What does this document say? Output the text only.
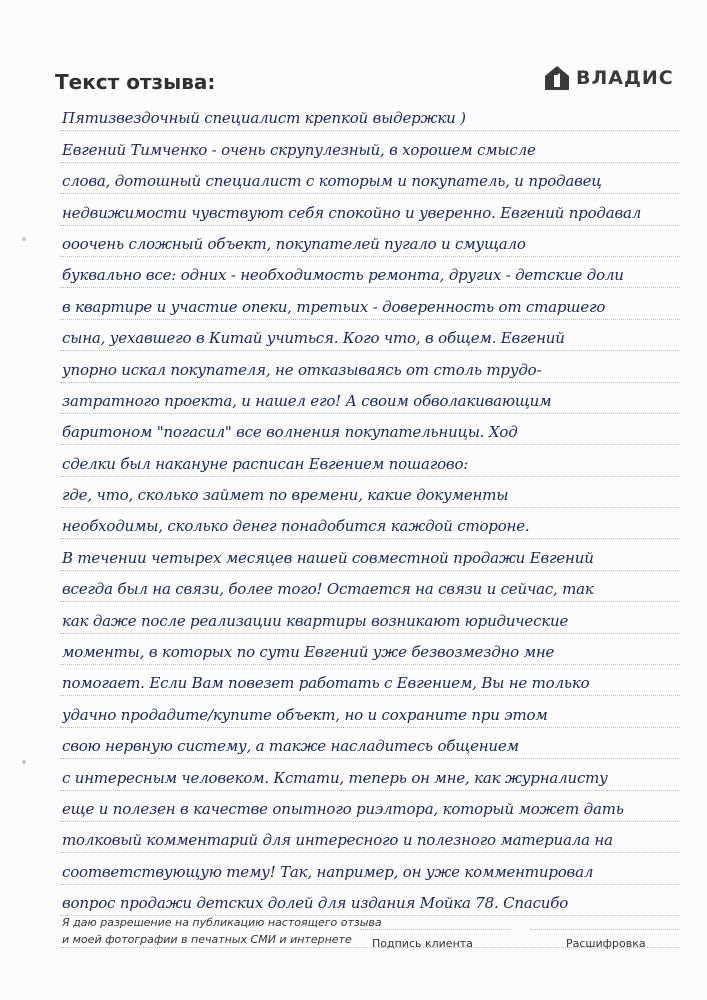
Текст отзыва:	ВЛАДИС
Пятизвездочный специалист крепкой выдержки )
Евгений Тимченко - очень скрупулезный, в хорошем смысле
слова, дотошный специалист с которым и покупатель, и продавец
недвижимости чувствуют себя спокойно и уверенно. Евгений продавал
ооочень сложный объект, покупателей пугало и смущало
буквально все: одних - необходимость ремонта, других - детские доли
в квартире и участие опеки, третьих - доверенность от старшего
сына, уехавшего в Китай учиться. Кого что, в общем. Евгений
упорно искал покупателя, не отказываясь от столь трудо-
затратного проекта, и нашел его! А своим обволакивающим
баритоном "погасил" все волнения покупательницы. Ход
сделки был накануне расписан Евгением пошагово:
где, что, сколько займет по времени, какие документы
необходимы, сколько денег понадобится каждой стороне.
В течении четырех месяцев нашей совместной продажи Евгений
всегда был на связи, более того! Остается на связи и сейчас, так
как даже после реализации квартиры возникают юридические
моменты, в которых по сути Евгений уже безвозмездно мне
помогает. Если Вам повезет работать с Евгением, Вы не только
удачно продадите/купите объект, но и сохраните при этом
свою нервную систему, а также насладитесь общением
с интересным человеком. Кстати, теперь он мне, как журналисту
еще и полезен в качестве опытного риэлтора, который может дать
толковый комментарий для интересного и полезного материала на
соответствующую тему! Так, например, он уже комментировал
вопрос продажи детских долей для издания Мойка 78. Спасибо
Я даю разрешение на публикацию настоящего отзыва
и моей фотографии в печатных СМИ и интернете	Подпись клиента	Расшифровка
